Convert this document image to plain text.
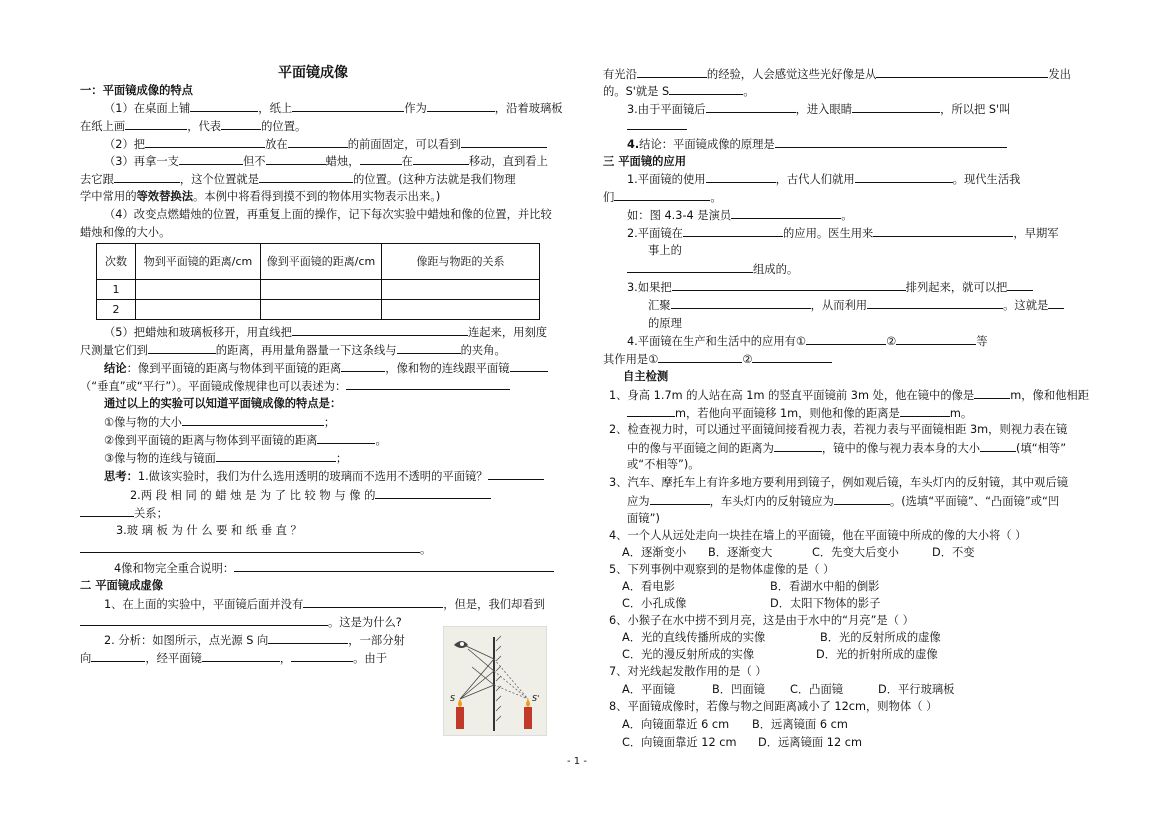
平面镜成像
一：平面镜成像的特点
（1）在桌面上铺	，纸上	作为	，沿着玻璃板
在纸上画	，代表	的位置。
（2）把	放在	的前面固定，可以看到
（3）再拿一支	但不	蜡烛，	在	移动，直到看上
去它跟	，这个位置就是	的位置。(这种方法就是我们物理
学中常用的等效替换法。本例中将看得到摸不到的物体用实物表示出来。)
（4）改变点燃蜡烛的位置，再重复上面的操作，记下每次实验中蜡烛和像的位置，并比较
蜡烛和像的大小。
次数	物到平面镜的距离/cm	像到平面镜的距离/cm	像距与物距的关系
1			
2			
（5）把蜡烛和玻璃板移开，用直线把	连起来，用刻度
尺测量它们到	的距离，再用量角器量一下这条线与	的夹角。
结论：像到平面镜的距离与物体到平面镜的距离	，像和物的连线跟平面镜
（“垂直”或“平行”）。平面镜成像规律也可以表述为：
通过以上的实验可以知道平面镜成像的特点是：
①像与物的大小	；
②像到平面镜的距离与物体到平面镜的距离	。
③像与物的连线与镜面	；
思考：1.做该实验时，我们为什么选用透明的玻璃而不选用不透明的平面镜？
2.两 段 相 同 的 蜡 烛 是 为 了 比 较 物 与 像 的
关系；
3.玻 璃 板 为 什 么 要 和 纸 垂 直 ？
。
4像和物完全重合说明：
二 平面镜成虚像
1、在上面的实验中，平面镜后面并没有	，但是，我们却看到
。这是为什么?
2. 分析：如图所示，点光源 S 向	，一部分射
向	，经平面镜	，	。由于
S	S'
有光沿	的经验，人会感觉这些光好像是从	发出
的。S'就是 S	。
3.由于平面镜后	，进入眼睛	，所以把 S'叫
4.结论：平面镜成像的原理是
三 平面镜的应用
1.平面镜的使用	，古代人们就用	。现代生活我
们	。
如：图 4.3-4 是演员	。
2.平面镜在	的应用。医生用来	，早期军
事上的
组成的。
3.如果把	排列起来，就可以把
汇聚	，从而利用	。这就是
的原理
4.平面镜在生产和生活中的应用有①	②	等
其作用是①	②
自主检测
1、身高 1.7m 的人站在高 1m 的竖直平面镜前 3m 处，他在镜中的像是	m，像和他相距
m，若他向平面镜移 1m，则他和像的距离是	m。
2、检查视力时，可以通过平面镜间接看视力表，若视力表与平面镜相距 3m，则视力表在镜
中的像与平面镜之间的距离为	，镜中的像与视力表本身的大小	(填“相等”
或“不相等”)。
3、汽车、摩托车上有许多地方要利用到镜子，例如观后镜，车头灯内的反射镜，其中观后镜
应为	，车头灯内的反射镜应为	。(选填“平面镜”、“凸面镜”或“凹
面镜”)
4、一个人从远处走向一块挂在墙上的平面镜，他在平面镜中所成的像的大小将（ ）
A．逐渐变小 B．逐渐变大	C．先变大后变小	D．不变
5、下列事例中观察到的是物体虚像的是（ ）
A．看电影	B．看湖水中船的倒影
C．小孔成像	D．太阳下物体的影子
6、小猴子在水中捞不到月亮，这是由于水中的“月亮”是（ ）
A．光的直线传播所成的实像	B．光的反射所成的虚像
C．光的漫反射所成的实像	D．光的折射所成的虚像
7、对光线起发散作用的是（ ）
A．平面镜	B．凹面镜 C．凸面镜	D．平行玻璃板
8、平面镜成像时，若像与物之间距离减小了 12cm，则物体（ ）
A．向镜面靠近 6 cm B．远离镜面 6 cm
C．向镜面靠近 12 cm D．远离镜面 12 cm
- 1 -
